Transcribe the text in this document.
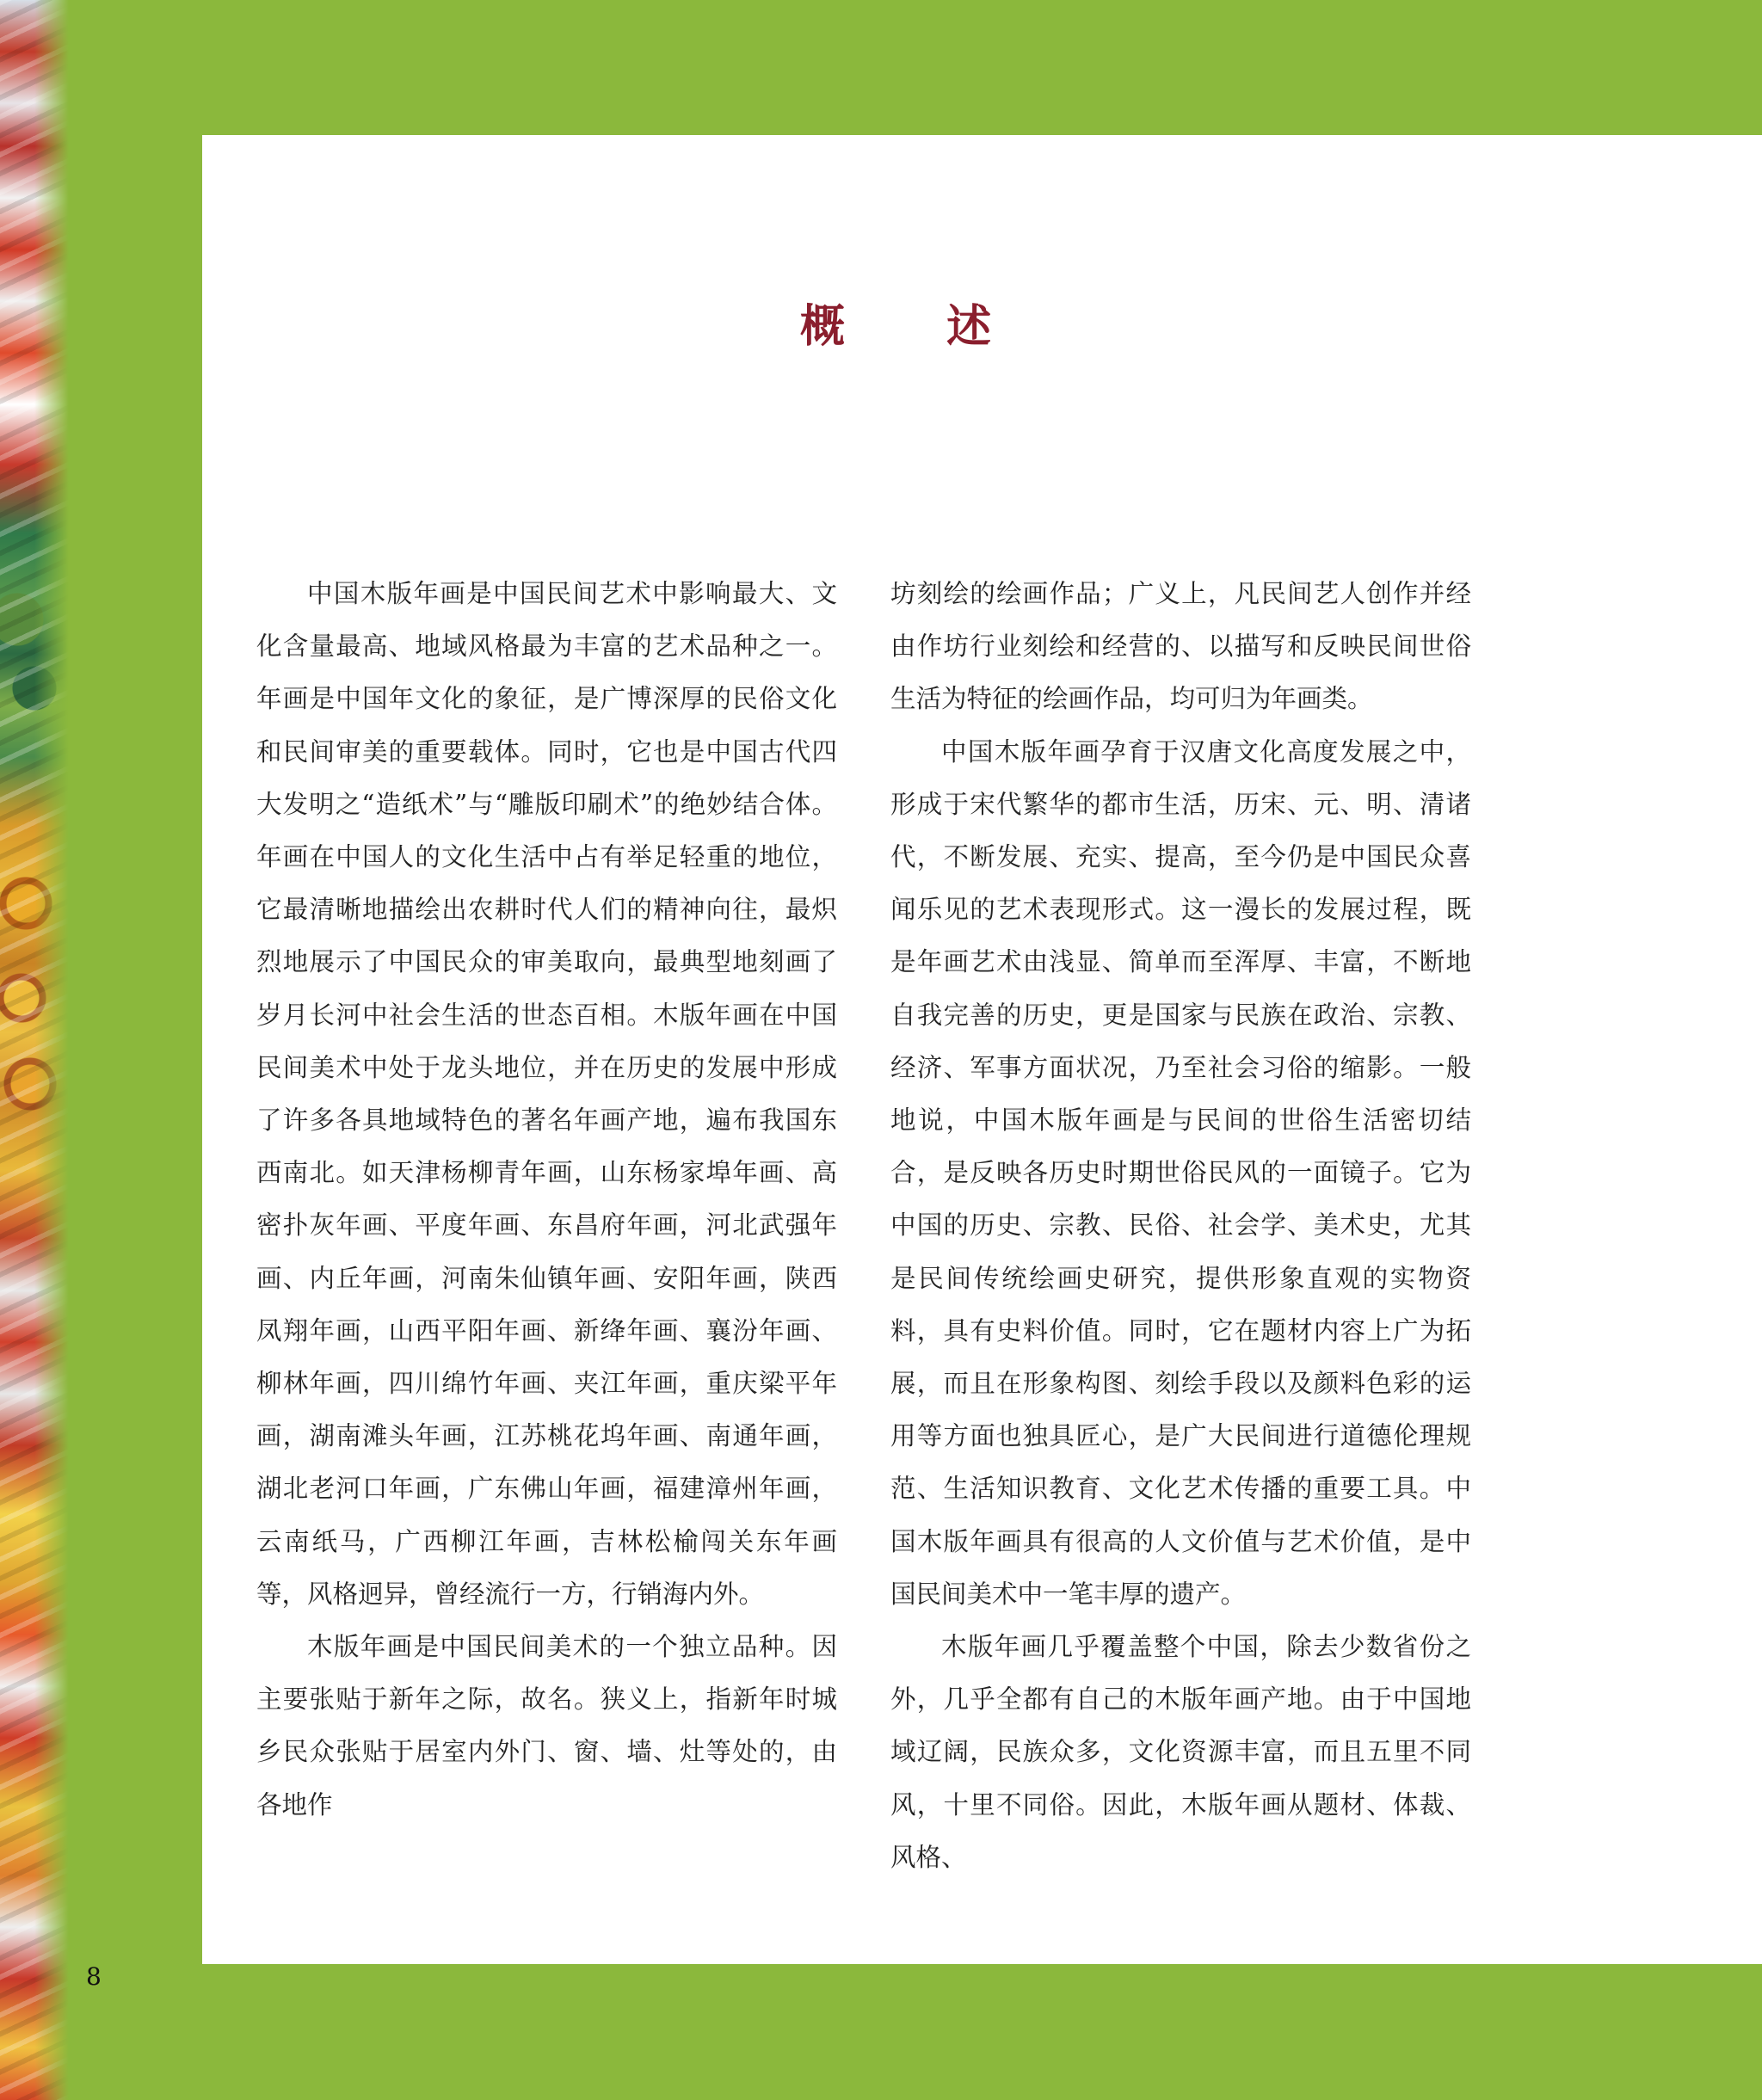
概 述

中国木版年画是中国民间艺术中影响最大、文化含量最高、地域风格最为丰富的艺术品种之一。年画是中国年文化的象征，是广博深厚的民俗文化和民间审美的重要载体。同时，它也是中国古代四大发明之“造纸术”与“雕版印刷术”的绝妙结合体。年画在中国人的文化生活中占有举足轻重的地位，它最清晰地描绘出农耕时代人们的精神向往，最炽烈地展示了中国民众的审美取向，最典型地刻画了岁月长河中社会生活的世态百相。木版年画在中国民间美术中处于龙头地位，并在历史的发展中形成了许多各具地域特色的著名年画产地，遍布我国东西南北。如天津杨柳青年画，山东杨家埠年画、高密扑灰年画、平度年画、东昌府年画，河北武强年画、内丘年画，河南朱仙镇年画、安阳年画，陕西凤翔年画，山西平阳年画、新绛年画、襄汾年画、柳林年画，四川绵竹年画、夹江年画，重庆梁平年画，湖南滩头年画，江苏桃花坞年画、南通年画，湖北老河口年画，广东佛山年画，福建漳州年画，云南纸马，广西柳江年画，吉林松榆闯关东年画等，风格迥异，曾经流行一方，行销海内外。

木版年画是中国民间美术的一个独立品种。因主要张贴于新年之际，故名。狭义上，指新年时城乡民众张贴于居室内外门、窗、墙、灶等处的，由各地作

坊刻绘的绘画作品；广义上，凡民间艺人创作并经由作坊行业刻绘和经营的、以描写和反映民间世俗生活为特征的绘画作品，均可归为年画类。

中国木版年画孕育于汉唐文化高度发展之中，形成于宋代繁华的都市生活，历宋、元、明、清诸代，不断发展、充实、提高，至今仍是中国民众喜闻乐见的艺术表现形式。这一漫长的发展过程，既是年画艺术由浅显、简单而至浑厚、丰富，不断地自我完善的历史，更是国家与民族在政治、宗教、经济、军事方面状况，乃至社会习俗的缩影。一般地说，中国木版年画是与民间的世俗生活密切结合，是反映各历史时期世俗民风的一面镜子。它为中国的历史、宗教、民俗、社会学、美术史，尤其是民间传统绘画史研究，提供形象直观的实物资料，具有史料价值。同时，它在题材内容上广为拓展，而且在形象构图、刻绘手段以及颜料色彩的运用等方面也独具匠心，是广大民间进行道德伦理规范、生活知识教育、文化艺术传播的重要工具。中国木版年画具有很高的人文价值与艺术价值，是中国民间美术中一笔丰厚的遗产。

木版年画几乎覆盖整个中国，除去少数省份之外，几乎全都有自己的木版年画产地。由于中国地域辽阔，民族众多，文化资源丰富，而且五里不同风，十里不同俗。因此，木版年画从题材、体裁、风格、

8
